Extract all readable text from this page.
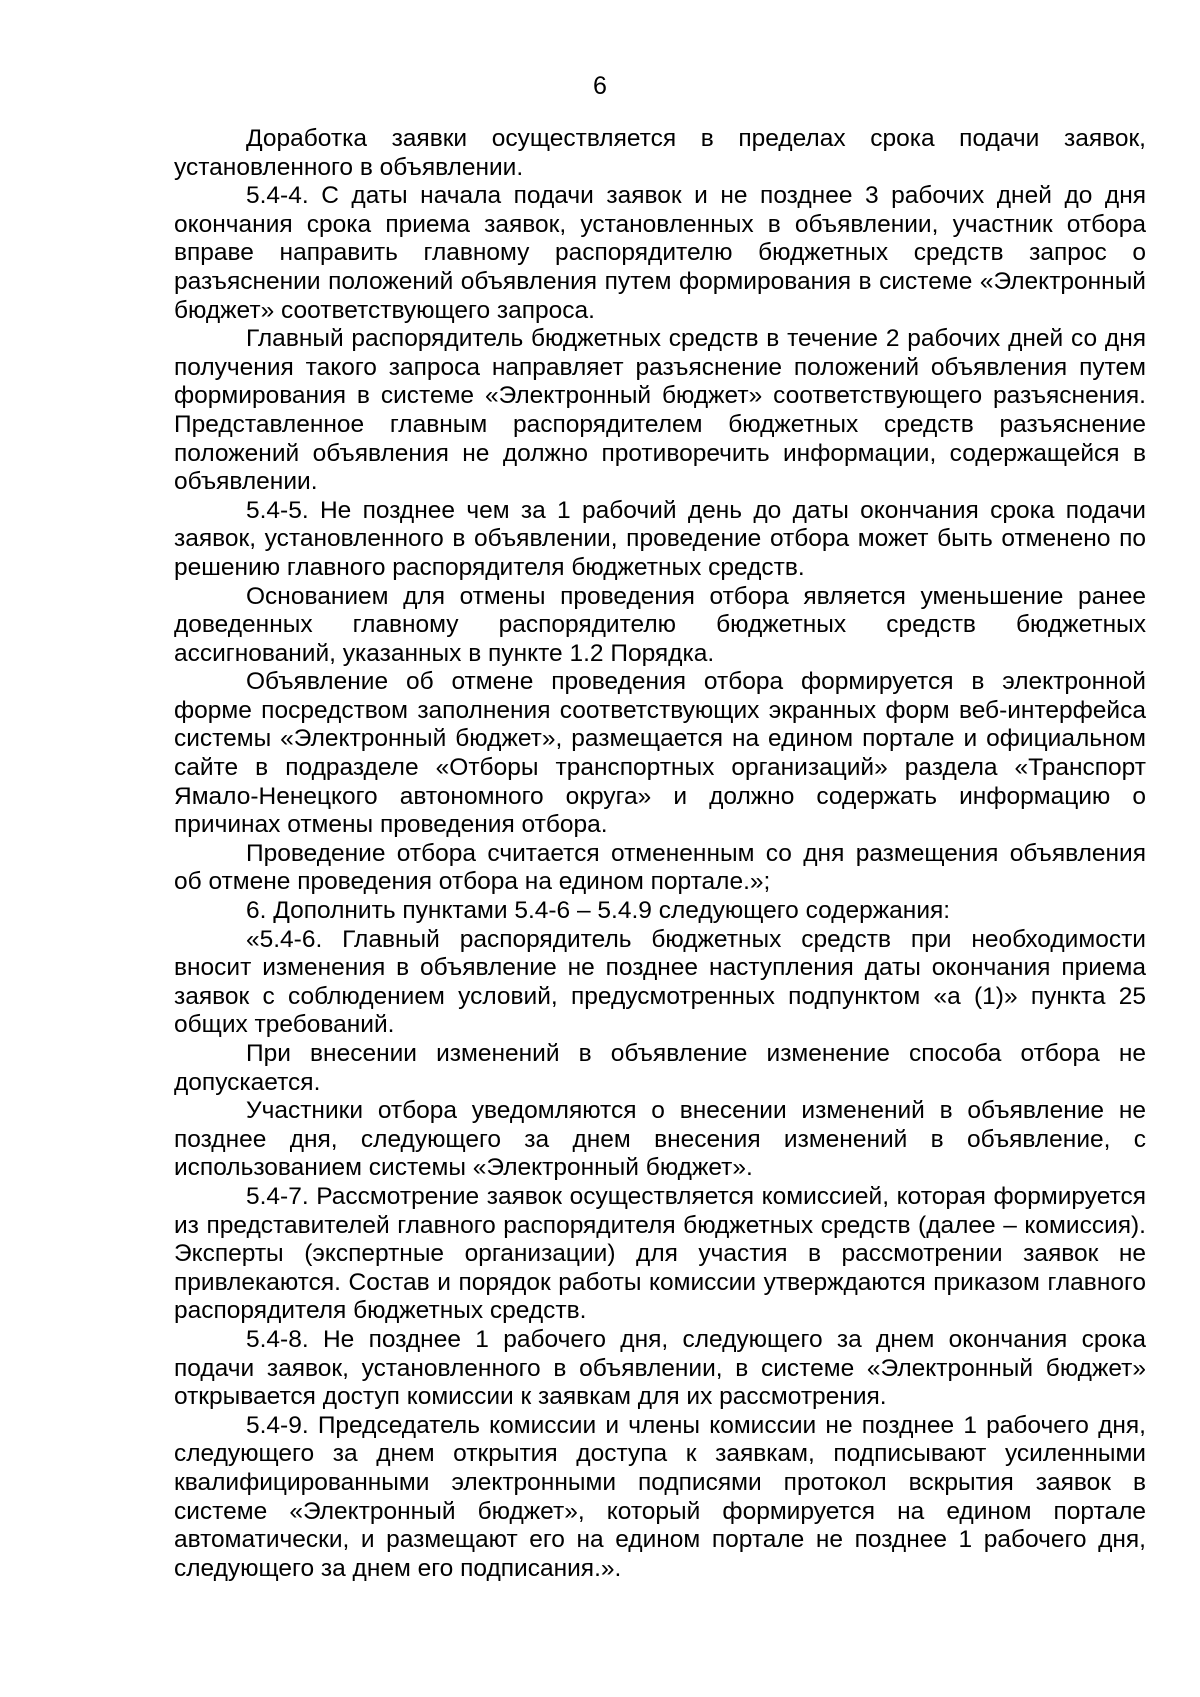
6

Доработка заявки осуществляется в пределах срока подачи заявок, установленного в объявлении.

5.4-4. С даты начала подачи заявок и не позднее 3 рабочих дней до дня окончания срока приема заявок, установленных в объявлении, участник отбора вправе направить главному распорядителю бюджетных средств запрос о разъяснении положений объявления путем формирования в системе «Электронный бюджет» соответствующего запроса.

Главный распорядитель бюджетных средств в течение 2 рабочих дней со дня получения такого запроса направляет разъяснение положений объявления путем формирования в системе «Электронный бюджет» соответствующего разъяснения. Представленное главным распорядителем бюджетных средств разъяснение положений объявления не должно противоречить информации, содержащейся в объявлении.

5.4-5. Не позднее чем за 1 рабочий день до даты окончания срока подачи заявок, установленного в объявлении, проведение отбора может быть отменено по решению главного распорядителя бюджетных средств.

Основанием для отмены проведения отбора является уменьшение ранее доведенных главному распорядителю бюджетных средств бюджетных ассигнований, указанных в пункте 1.2 Порядка.

Объявление об отмене проведения отбора формируется в электронной форме посредством заполнения соответствующих экранных форм веб-интерфейса системы «Электронный бюджет», размещается на едином портале и официальном сайте в подразделе «Отборы транспортных организаций» раздела «Транспорт Ямало-Ненецкого автономного округа» и должно содержать информацию о причинах отмены проведения отбора.

Проведение отбора считается отмененным со дня размещения объявления об отмене проведения отбора на едином портале.»;

6. Дополнить пунктами 5.4-6 – 5.4.9 следующего содержания:

«5.4-6. Главный распорядитель бюджетных средств при необходимости вносит изменения в объявление не позднее наступления даты окончания приема заявок с соблюдением условий, предусмотренных подпунктом «а (1)» пункта 25 общих требований.

При внесении изменений в объявление изменение способа отбора не допускается.

Участники отбора уведомляются о внесении изменений в объявление не позднее дня, следующего за днем внесения изменений в объявление, с использованием системы «Электронный бюджет».

5.4-7. Рассмотрение заявок осуществляется комиссией, которая формируется из представителей главного распорядителя бюджетных средств (далее – комиссия). Эксперты (экспертные организации) для участия в рассмотрении заявок не привлекаются. Состав и порядок работы комиссии утверждаются приказом главного распорядителя бюджетных средств.

5.4-8. Не позднее 1 рабочего дня, следующего за днем окончания срока подачи заявок, установленного в объявлении, в системе «Электронный бюджет» открывается доступ комиссии к заявкам для их рассмотрения.

5.4-9. Председатель комиссии и члены комиссии не позднее 1 рабочего дня, следующего за днем открытия доступа к заявкам, подписывают усиленными квалифицированными электронными подписями протокол вскрытия заявок в системе «Электронный бюджет», который формируется на едином портале автоматически, и размещают его на едином портале не позднее 1 рабочего дня, следующего за днем его подписания.».
